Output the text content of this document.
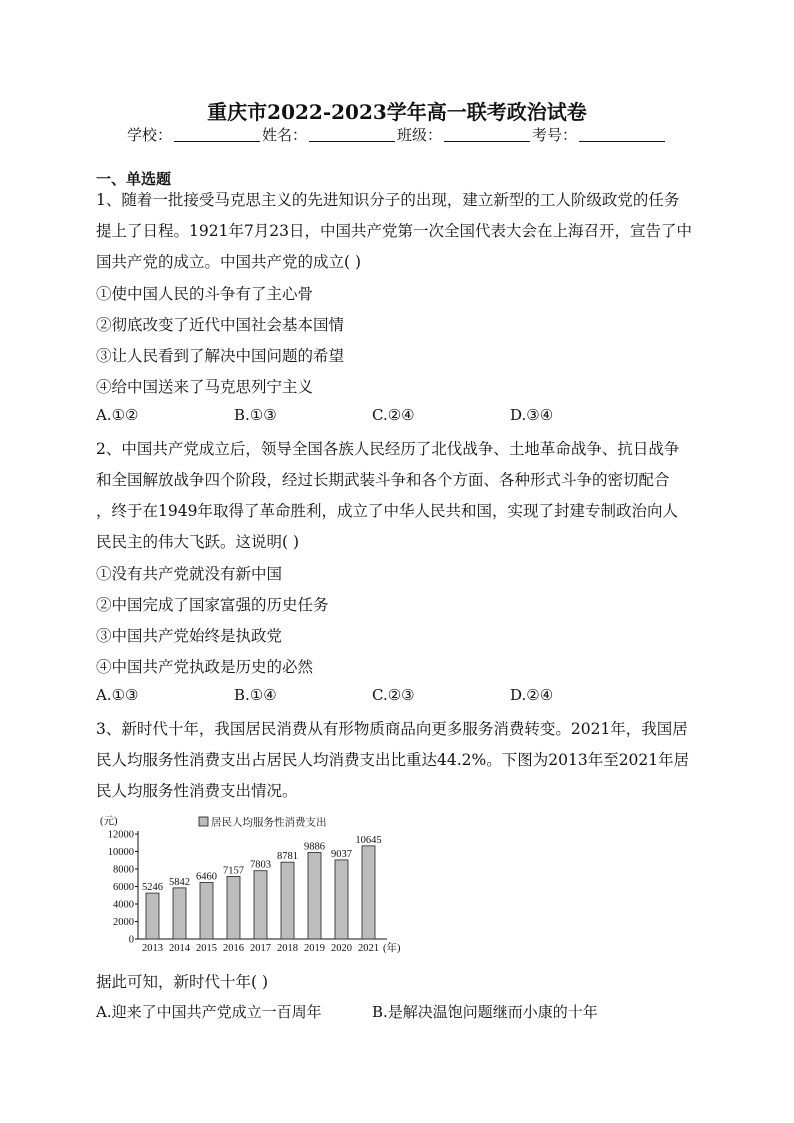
重庆市2022-2023学年高一联考政治试卷
学校：	姓名：	班级：	考号：
一、单选题
1、随着一批接受马克思主义的先进知识分子的出现，建立新型的工人阶级政党的任务
提上了日程。1921年7月23日，中国共产党第一次全国代表大会在上海召开，宣告了中
国共产党的成立。中国共产党的成立( )
①使中国人民的斗争有了主心骨
②彻底改变了近代中国社会基本国情
③让人民看到了解决中国问题的希望
④给中国送来了马克思列宁主义
A.①②	B.①③	C.②④	D.③④
2、中国共产党成立后，领导全国各族人民经历了北伐战争、土地革命战争、抗日战争
和全国解放战争四个阶段，经过长期武装斗争和各个方面、各种形式斗争的密切配合
，终于在1949年取得了革命胜利，成立了中华人民共和国，实现了封建专制政治向人
民民主的伟大飞跃。这说明( )
①没有共产党就没有新中国
②中国完成了国家富强的历史任务
③中国共产党始终是执政党
④中国共产党执政是历史的必然
A.①③	B.①④	C.②③	D.②④
3、新时代十年，我国居民消费从有形物质商品向更多服务消费转变。2021年，我国居
民人均服务性消费支出占居民人均消费支出比重达44.2%。下图为2013年至2021年居
民人均服务性消费支出情况。
0
2000
4000
6000
8000
10000
12000
(元)	居民人均服务性消费支出
5246
2013
5842
2014
6460
2015
7157
2016
7803
2017
8781
2018
9886
2019
9037
2020
10645
2021 (年)
据此可知，新时代十年( )
A.迎来了中国共产党成立一百周年	B.是解决温饱问题继而小康的十年
